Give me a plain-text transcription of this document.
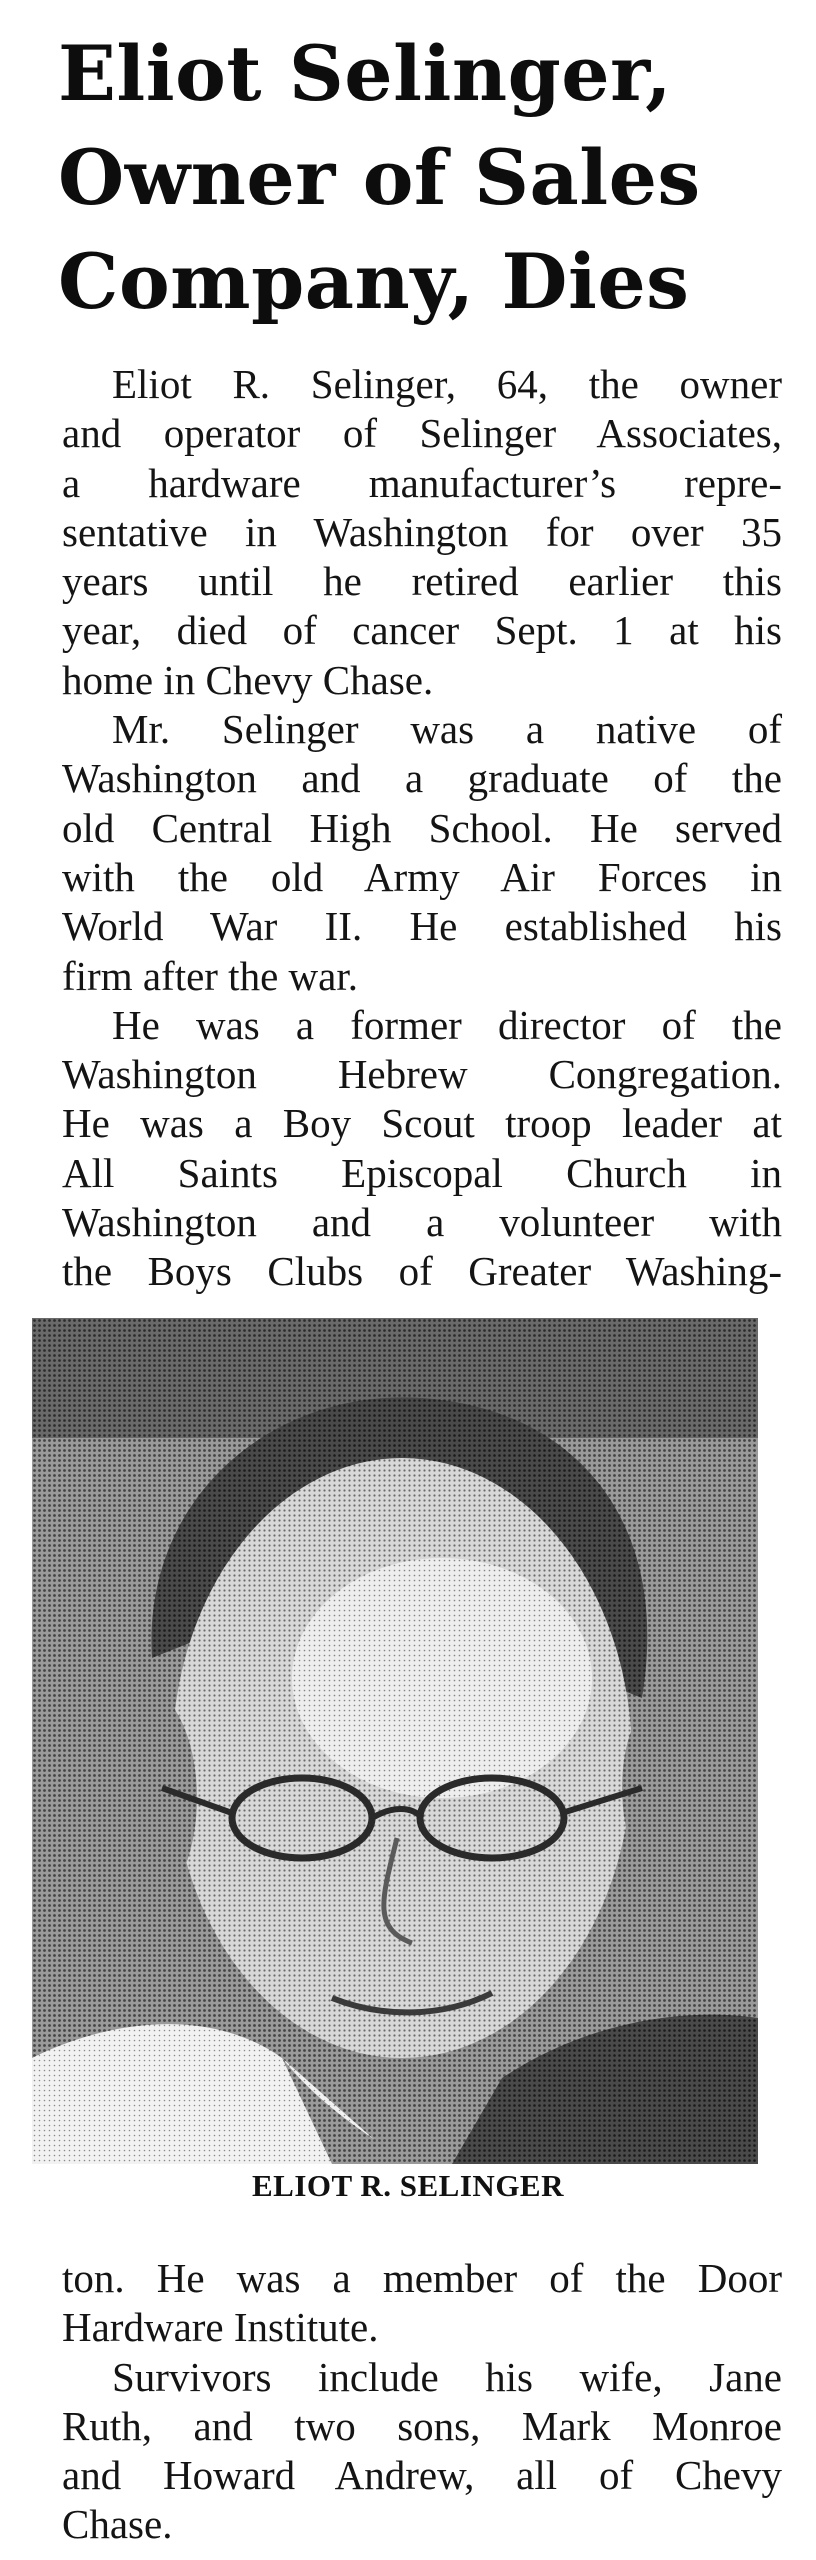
Eliot Selinger,
Owner of Sales
Company, Dies
Eliot R. Selinger, 64, the owner
and operator of Selinger Associates,
a hardware manufacturer’s repre-
sentative in Washington for over 35
years until he retired earlier this
year, died of cancer Sept. 1 at his
home in Chevy Chase.
Mr. Selinger was a native of
Washington and a graduate of the
old Central High School. He served
with the old Army Air Forces in
World War II. He established his
firm after the war.
He was a former director of the
Washington Hebrew Congregation.
He was a Boy Scout troop leader at
All Saints Episcopal Church in
Washington and a volunteer with
the Boys Clubs of Greater Washing-

ELIOT R. SELINGER

ton. He was a member of the Door
Hardware Institute.
Survivors include his wife, Jane
Ruth, and two sons, Mark Monroe
and Howard Andrew, all of Chevy
Chase.
